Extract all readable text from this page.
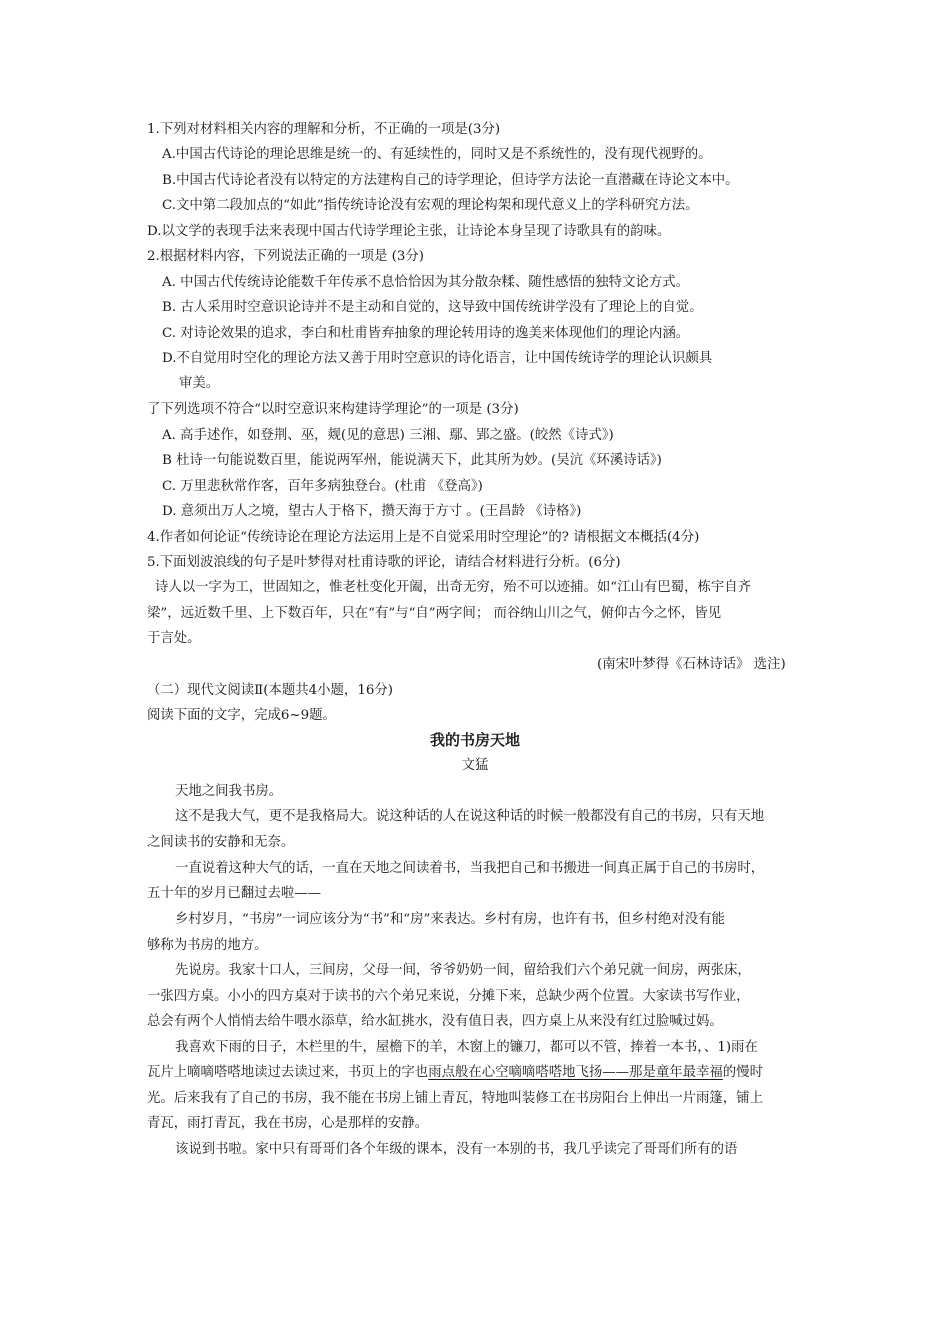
1.下列对材料相关内容的理解和分析，不正确的一项是(3分)
A.中国古代诗论的理论思维是统一的、有延续性的，同时又是不系统性的，没有现代视野的。
B.中国古代诗论者没有以特定的方法建构自己的诗学理论，但诗学方法论一直潜藏在诗论文本中。
C.文中第二段加点的“如此”指传统诗论没有宏观的理论构架和现代意义上的学科研究方法。
D.以文学的表现手法来表现中国古代诗学理论主张，让诗论本身呈现了诗歌具有的韵味。
2.根据材料内容，下列说法正确的一项是 (3分)
A. 中国古代传统诗论能数千年传承不息恰恰因为其分散杂糅、随性感悟的独特文论方式。
B. 古人采用时空意识论诗并不是主动和自觉的，这导致中国传统讲学没有了理论上的自觉。
C. 对诗论效果的追求，李白和杜甫皆弃抽象的理论转用诗的逸美来体现他们的理论内涵。
D.不自觉用时空化的理论方法又善于用时空意识的诗化语言，让中国传统诗学的理论认识颇具
审美。
了下列选项不符合“以时空意识来构建诗学理论”的一项是 (3分)
A. 高手述作，如登荆、巫，觌(见的意思) 三湘、鄢、郢之盛。(皎然《诗式》)
B 杜诗一句能说数百里，能说两军州，能说满天下，此其所为妙。(吴沆《环溪诗话》)
C. 万里悲秋常作客，百年多病独登台。(杜甫 《登高》)
D. 意须出万人之境，望古人于格下，攒天海于方寸 。(王昌龄 《诗格》)
4.作者如何论证“传统诗论在理论方法运用上是不自觉采用时空理论”的? 请根据文本概括(4分)
5.下面划波浪线的句子是叶梦得对杜甫诗歌的评论，请结合材料进行分析。(6分)
诗人以一字为工，世固知之，惟老杜变化开阖，出奇无穷，殆不可以迹捕。如“江山有巴蜀，栋宇自齐
梁”，远近数千里、上下数百年，只在“有”与“自”两字间； 而谷纳山川之气，俯仰古今之怀，皆见
于言处。
(南宋叶梦得《石林诗话》 选注)
（二）现代文阅读Ⅱ(本题共4小题，16分)
阅读下面的文字，完成6~9题。
我的书房天地
文猛
天地之间我书房。
这不是我大气，更不是我格局大。说这种话的人在说这种话的时候一般都没有自己的书房，只有天地
之间读书的安静和无奈。
一直说着这种大气的话，一直在天地之间读着书，当我把自己和书搬进一间真正属于自己的书房时，
五十年的岁月已翻过去啦——
乡村岁月，“书房”一词应该分为“书”和“房”来表达。乡村有房，也许有书，但乡村绝对没有能
够称为书房的地方。
先说房。我家十口人，三间房，父母一间，爷爷奶奶一间，留给我们六个弟兄就一间房，两张床，
一张四方桌。小小的四方桌对于读书的六个弟兄来说，分摊下来，总缺少两个位置。大家读书写作业，
总会有两个人悄悄去给牛喂水添草，给水缸挑水，没有值日表，四方桌上从来没有红过脸喊过妈。
我喜欢下雨的日子，木栏里的牛，屋檐下的羊，木窗上的镰刀，都可以不管，捧着一本书，、1)雨在
瓦片上嘀嘀嗒嗒地读过去读过来，书页上的字也雨点般在心空嘀嘀嗒嗒地飞扬——那是童年最幸福的慢时
光。后来我有了自己的书房，我不能在书房上铺上青瓦，特地叫装修工在书房阳台上伸出一片雨篷，铺上
青瓦，雨打青瓦，我在书房，心是那样的安静。
该说到书啦。家中只有哥哥们各个年级的课本，没有一本别的书，我几乎读完了哥哥们所有的语
